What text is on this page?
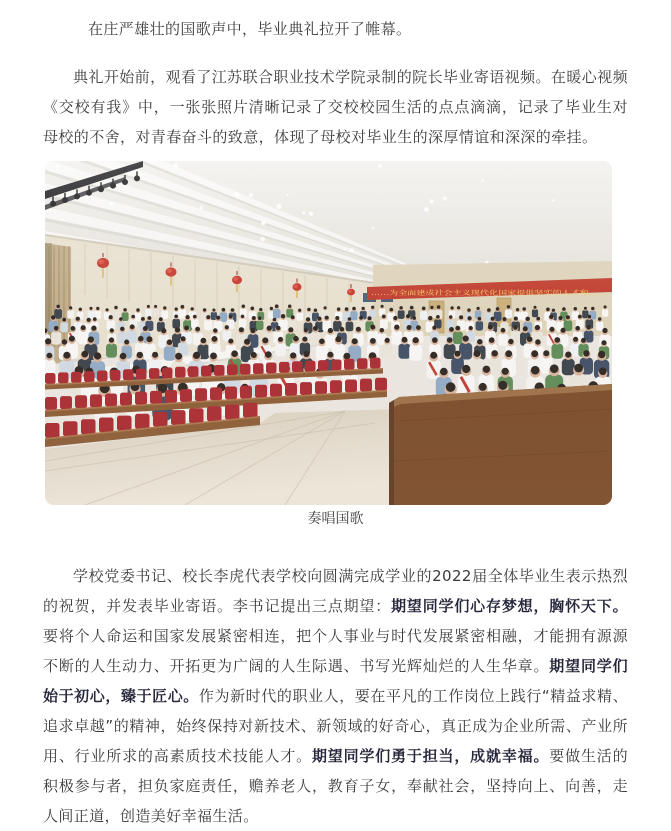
在庄严雄壮的国歌声中，毕业典礼拉开了帷幕。

典礼开始前，观看了江苏联合职业技术学院录制的院长毕业寄语视频。在暖心视频《交校有我》中，一张张照片清晰记录了交校校园生活的点点滴滴，记录了毕业生对母校的不舍，对青春奋斗的致意，体现了母校对毕业生的深厚情谊和深深的牵挂。

奏唱国歌

学校党委书记、校长李虎代表学校向圆满完成学业的2022届全体毕业生表示热烈的祝贺，并发表毕业寄语。李书记提出三点期望：期望同学们心存梦想，胸怀天下。要将个人命运和国家发展紧密相连，把个人事业与时代发展紧密相融，才能拥有源源不断的人生动力、开拓更为广阔的人生际遇、书写光辉灿烂的人生华章。期望同学们始于初心，臻于匠心。作为新时代的职业人，要在平凡的工作岗位上践行“精益求精、追求卓越”的精神，始终保持对新技术、新领域的好奇心，真正成为企业所需、产业所用、行业所求的高素质技术技能人才。期望同学们勇于担当，成就幸福。要做生活的积极参与者，担负家庭责任，赡养老人，教育子女，奉献社会，坚持向上、向善，走人间正道，创造美好幸福生活。
